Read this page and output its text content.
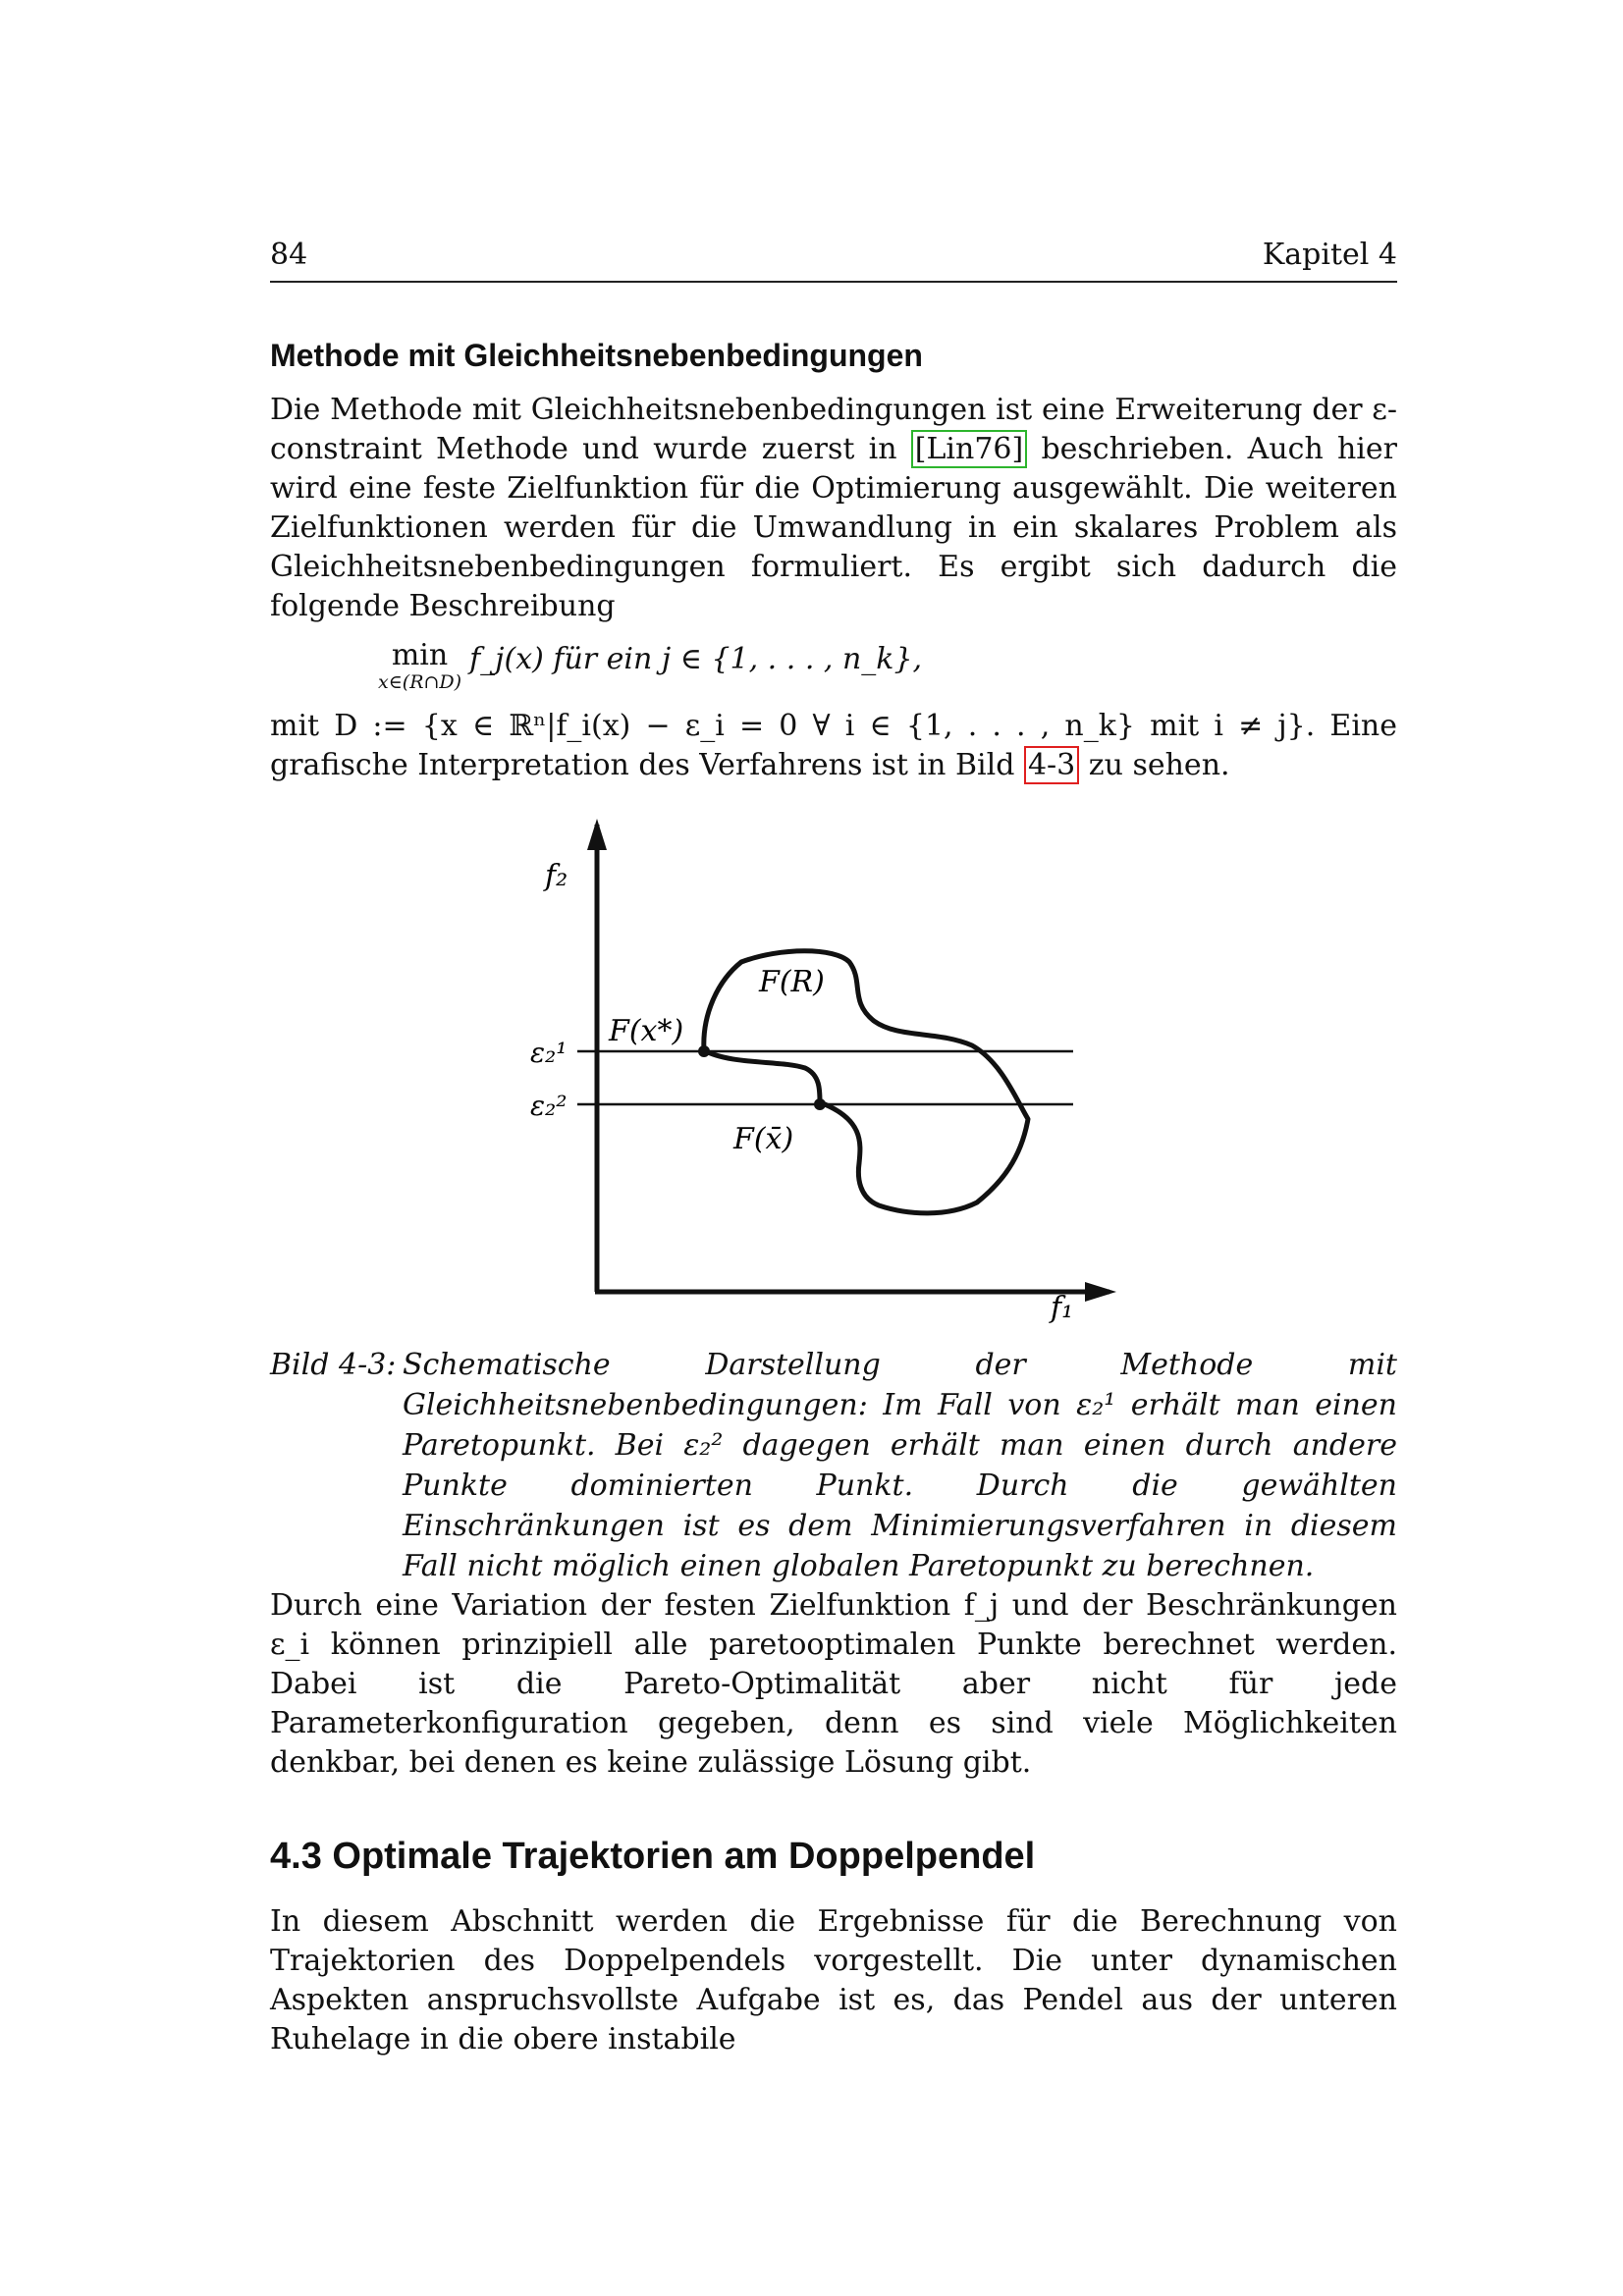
84	Kapitel 4
Methode mit Gleichheitsnebenbedingungen

Die Methode mit Gleichheitsnebenbedingungen ist eine Erweiterung der ε-constraint Methode und wurde zuerst in [Lin76] beschrieben. Auch hier wird eine feste Zielfunktion für die Optimierung ausgewählt. Die weiteren Zielfunktionen werden für die Umwandlung in ein skalares Problem als Gleichheitsnebenbedingungen formuliert. Es ergibt sich dadurch die folgende Beschreibung

min
x∈(R∩D)
f_j(x) für ein j ∈ {1, . . . , n_k},

mit D := {x ∈ ℝⁿ|f_i(x) − ε_i = 0 ∀ i ∈ {1, . . . , n_k} mit i ≠ j}. Eine grafische Interpretation des Verfahrens ist in Bild 4-3 zu sehen.

f₂
f₁
ε₂¹
ε₂²
F(x*)
F(R)
F(x̄)
Bild 4-3: Schematische Darstellung der Methode mit Gleichheitsnebenbedingungen: Im Fall von ε₂¹ erhält man einen Paretopunkt. Bei ε₂² dagegen erhält man einen durch andere Punkte dominierten Punkt. Durch die gewählten Einschränkungen ist es dem Minimierungsverfahren in diesem Fall nicht möglich einen globalen Paretopunkt zu berechnen.

Durch eine Variation der festen Zielfunktion f_j und der Beschränkungen ε_i können prinzipiell alle paretooptimalen Punkte berechnet werden. Dabei ist die Pareto-Optimalität aber nicht für jede Parameterkonfiguration gegeben, denn es sind viele Möglichkeiten denkbar, bei denen es keine zulässige Lösung gibt.

4.3 Optimale Trajektorien am Doppelpendel

In diesem Abschnitt werden die Ergebnisse für die Berechnung von Trajektorien des Doppelpendels vorgestellt. Die unter dynamischen Aspekten anspruchsvollste Aufgabe ist es, das Pendel aus der unteren Ruhelage in die obere instabile
